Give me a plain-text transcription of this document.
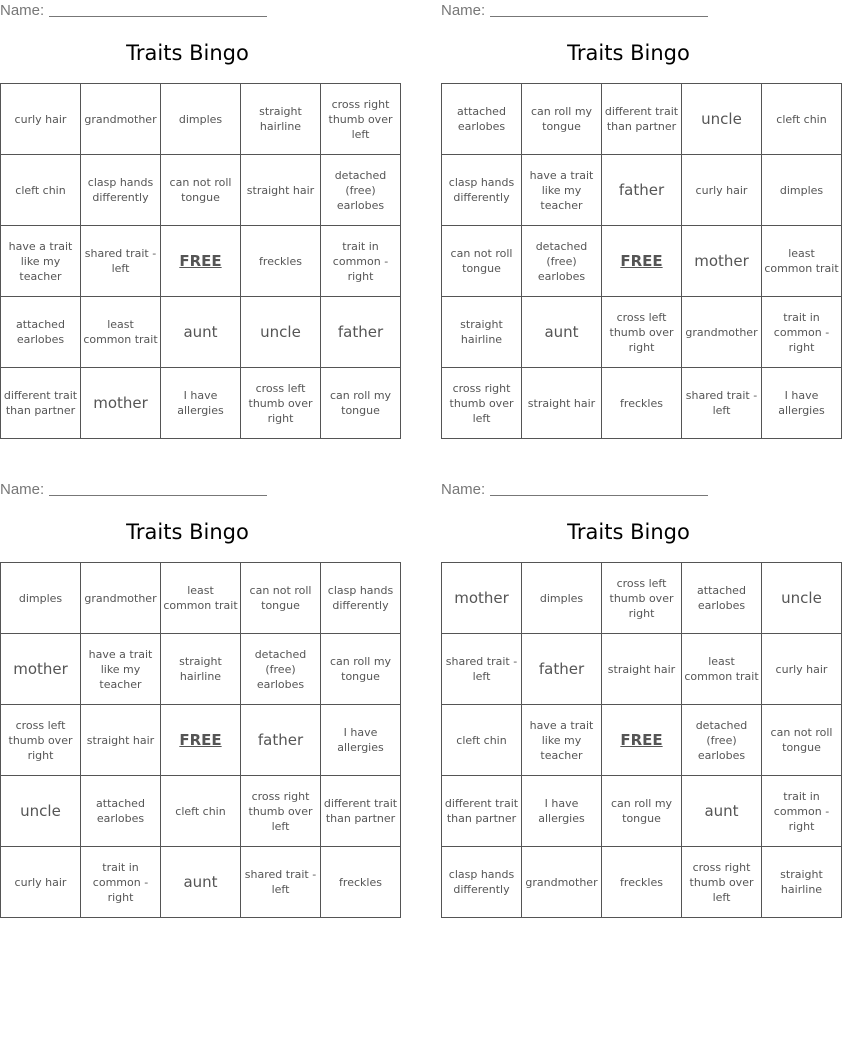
Name:
Traits Bingo
curly hair	grandmother	dimples	straight hairline	cross right thumb over left
cleft chin	clasp hands differently	can not roll tongue	straight hair	detached (free) earlobes
have a trait like my teacher	shared trait - left	FREE	freckles	trait in common - right
attached earlobes	least common trait	aunt	uncle	father
different trait than partner	mother	I have allergies	cross left thumb over right	can roll my tongue
Name:
Traits Bingo
attached earlobes	can roll my tongue	different trait than partner	uncle	cleft chin
clasp hands differently	have a trait like my teacher	father	curly hair	dimples
can not roll tongue	detached (free) earlobes	FREE	mother	least common trait
straight hairline	aunt	cross left thumb over right	grandmother	trait in common - right
cross right thumb over left	straight hair	freckles	shared trait - left	I have allergies
Name:
Traits Bingo
dimples	grandmother	least common trait	can not roll tongue	clasp hands differently
mother	have a trait like my teacher	straight hairline	detached (free) earlobes	can roll my tongue
cross left thumb over right	straight hair	FREE	father	I have allergies
uncle	attached earlobes	cleft chin	cross right thumb over left	different trait than partner
curly hair	trait in common - right	aunt	shared trait - left	freckles
Name:
Traits Bingo
mother	dimples	cross left thumb over right	attached earlobes	uncle
shared trait - left	father	straight hair	least common trait	curly hair
cleft chin	have a trait like my teacher	FREE	detached (free) earlobes	can not roll tongue
different trait than partner	I have allergies	can roll my tongue	aunt	trait in common - right
clasp hands differently	grandmother	freckles	cross right thumb over left	straight hairline
